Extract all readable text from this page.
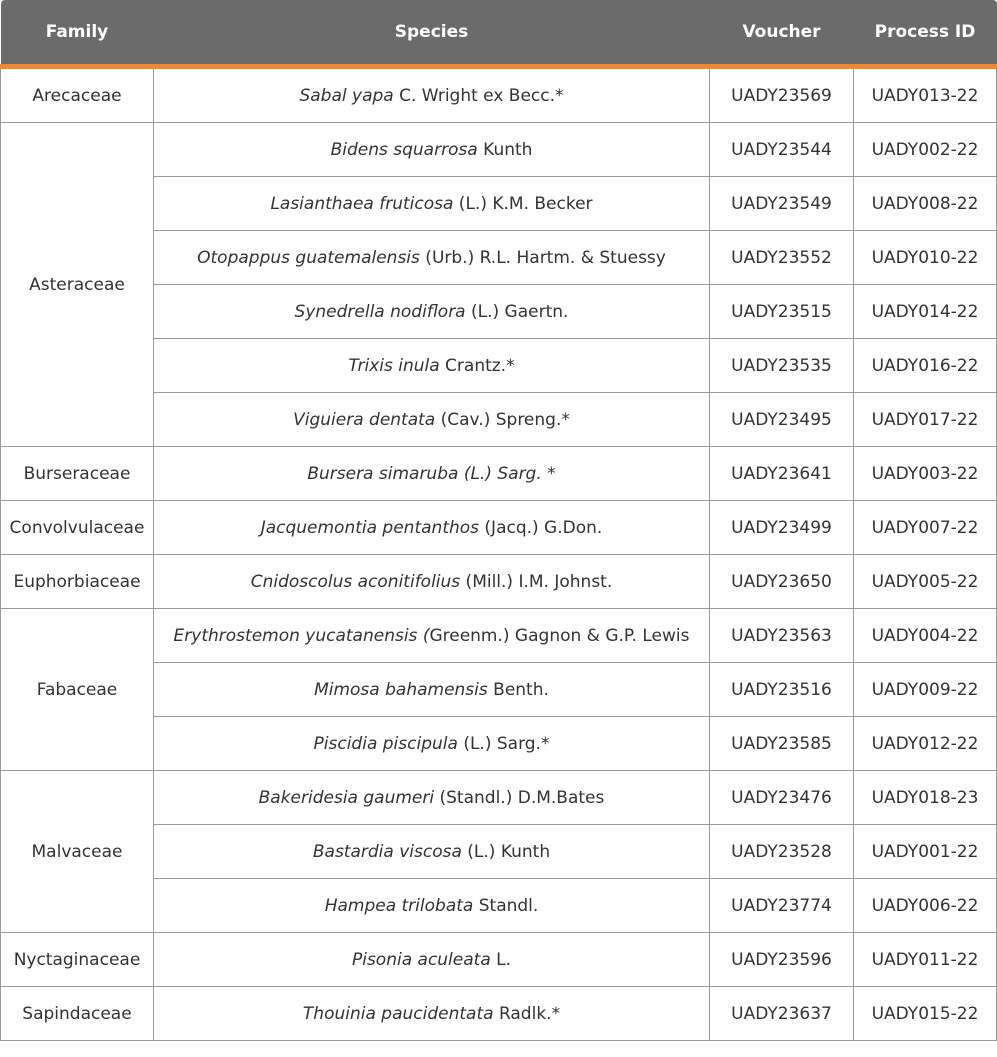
Family	Species	Voucher	Process ID
Arecaceae	Sabal yapa C. Wright ex Becc.*	UADY23569	UADY013-22
Asteraceae	Bidens squarrosa Kunth	UADY23544	UADY002-22
	Lasianthaea fruticosa (L.) K.M. Becker	UADY23549	UADY008-22
	Otopappus guatemalensis (Urb.) R.L. Hartm. & Stuessy	UADY23552	UADY010-22
	Synedrella nodiflora (L.) Gaertn.	UADY23515	UADY014-22
	Trixis inula Crantz.*	UADY23535	UADY016-22
	Viguiera dentata (Cav.) Spreng.*	UADY23495	UADY017-22
Burseraceae	Bursera simaruba (L.) Sarg. *	UADY23641	UADY003-22
Convolvulaceae	Jacquemontia pentanthos (Jacq.) G.Don.	UADY23499	UADY007-22
Euphorbiaceae	Cnidoscolus aconitifolius (Mill.) I.M. Johnst.	UADY23650	UADY005-22
Fabaceae	Erythrostemon yucatanensis (Greenm.) Gagnon & G.P. Lewis	UADY23563	UADY004-22
	Mimosa bahamensis Benth.	UADY23516	UADY009-22
	Piscidia piscipula (L.) Sarg.*	UADY23585	UADY012-22
Malvaceae	Bakeridesia gaumeri (Standl.) D.M.Bates	UADY23476	UADY018-23
	Bastardia viscosa (L.) Kunth	UADY23528	UADY001-22
	Hampea trilobata Standl.	UADY23774	UADY006-22
Nyctaginaceae	Pisonia aculeata L.	UADY23596	UADY011-22
Sapindaceae	Thouinia paucidentata Radlk.*	UADY23637	UADY015-22
